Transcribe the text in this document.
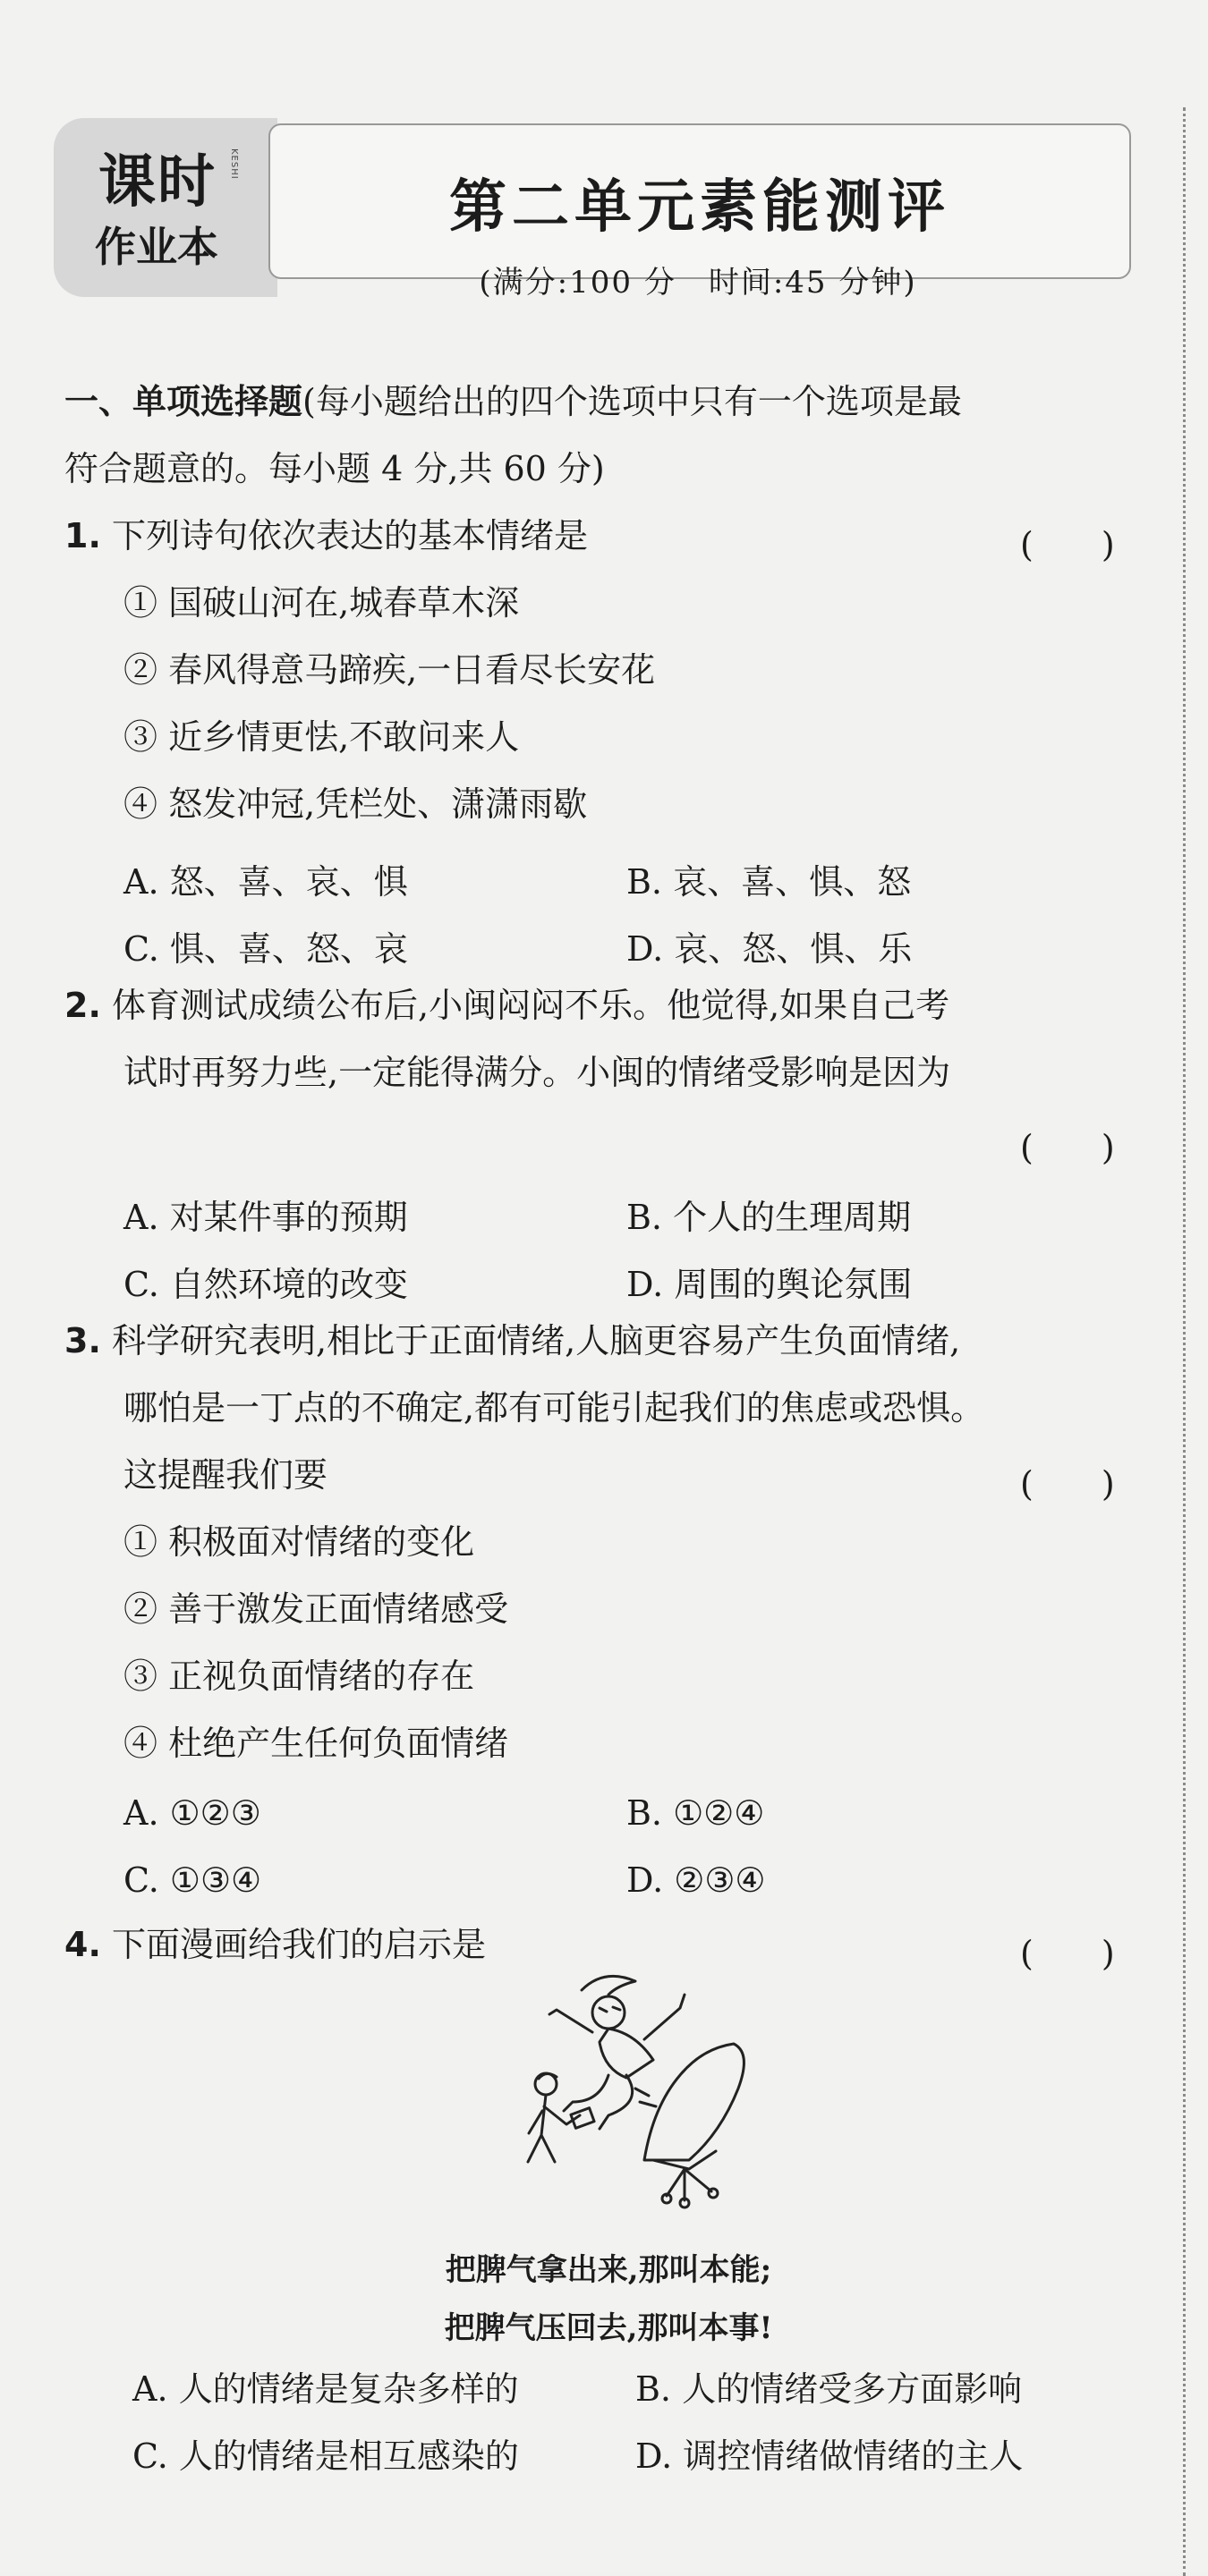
课时 KESHI
作业本
第二单元素能测评
(满分:100 分　时间:45 分钟)
一、单项选择题(每小题给出的四个选项中只有一个选项是最
符合题意的。每小题 4 分,共 60 分)
1. 下列诗句依次表达的基本情绪是	(　　)
① 国破山河在,城春草木深
② 春风得意马蹄疾,一日看尽长安花
③ 近乡情更怯,不敢问来人
④ 怒发冲冠,凭栏处、潇潇雨歇
A. 怒、喜、哀、惧	B. 哀、喜、惧、怒
C. 惧、喜、怒、哀	D. 哀、怒、惧、乐
2. 体育测试成绩公布后,小闽闷闷不乐。他觉得,如果自己考
试时再努力些,一定能得满分。小闽的情绪受影响是因为
(　　)
A. 对某件事的预期	B. 个人的生理周期
C. 自然环境的改变	D. 周围的舆论氛围
3. 科学研究表明,相比于正面情绪,人脑更容易产生负面情绪,
哪怕是一丁点的不确定,都有可能引起我们的焦虑或恐惧。
这提醒我们要	(　　)
① 积极面对情绪的变化
② 善于激发正面情绪感受
③ 正视负面情绪的存在
④ 杜绝产生任何负面情绪
A. ①②③	B. ①②④
C. ①③④	D. ②③④
4. 下面漫画给我们的启示是	(　　)
把脾气拿出来,那叫本能;
把脾气压回去,那叫本事!
A. 人的情绪是复杂多样的	B. 人的情绪受多方面影响
C. 人的情绪是相互感染的	D. 调控情绪做情绪的主人
